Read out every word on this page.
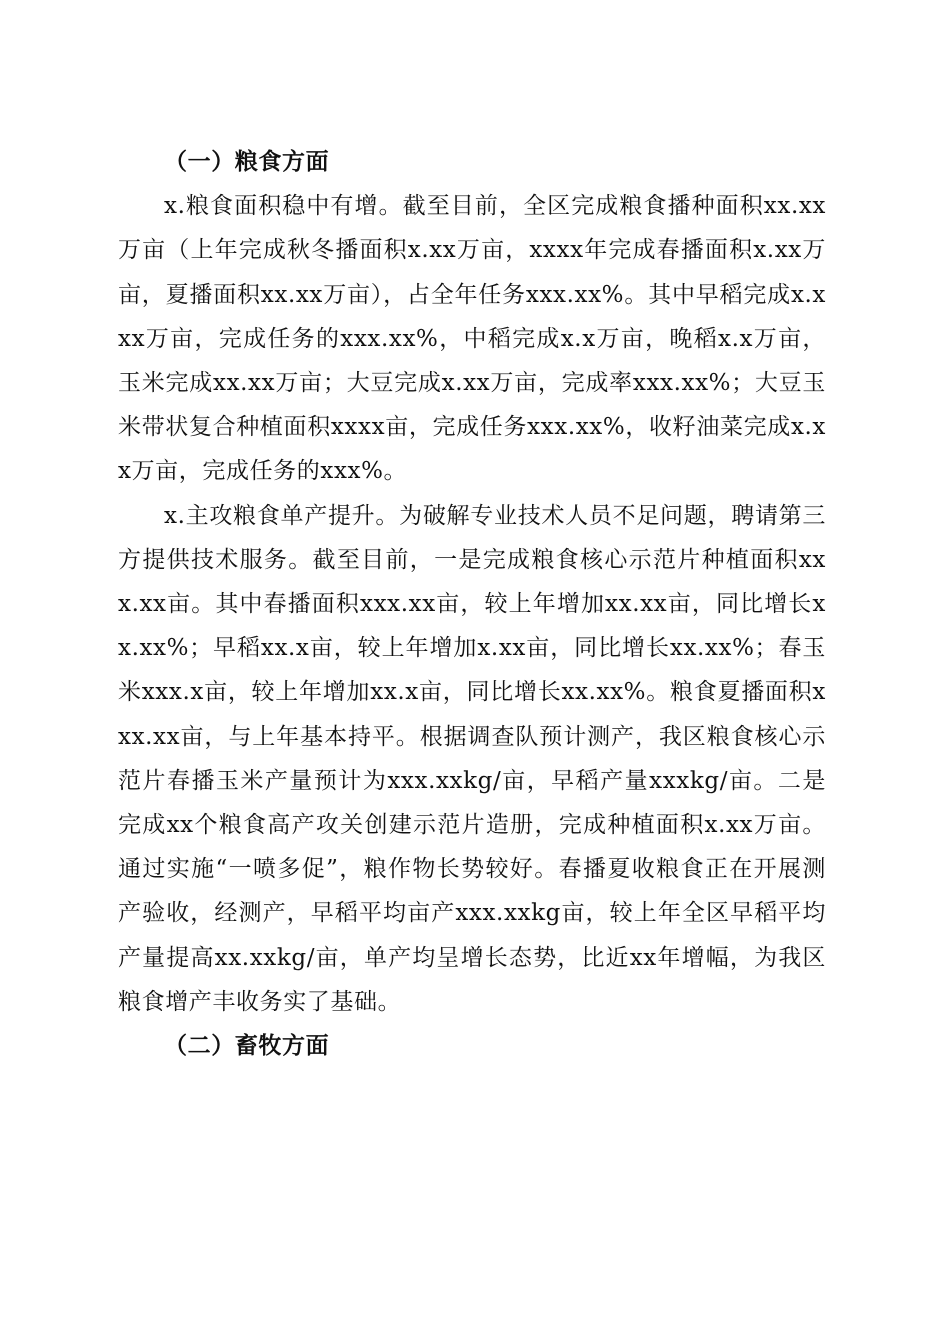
（一）粮食方面

x.粮食面积稳中有增。截至目前，全区完成粮食播种面积xx.xx万亩（上年完成秋冬播面积x.xx万亩，xxxx年完成春播面积x.xx万亩，夏播面积xx.xx万亩），占全年任务xxx.xx%。其中早稻完成x.xxx万亩，完成任务的xxx.xx%，中稻完成x.x万亩，晚稻x.x万亩，玉米完成xx.xx万亩；大豆完成x.xx万亩，完成率xxx.xx%；大豆玉米带状复合种植面积xxxx亩，完成任务xxx.xx%，收籽油菜完成x.xx万亩，完成任务的xxx%。

x.主攻粮食单产提升。为破解专业技术人员不足问题，聘请第三方提供技术服务。截至目前，一是完成粮食核心示范片种植面积xxx.xx亩。其中春播面积xxx.xx亩，较上年增加xx.xx亩，同比增长xx.xx%；早稻xx.x亩，较上年增加x.xx亩，同比增长xx.xx%；春玉米xxx.x亩，较上年增加xx.x亩，同比增长xx.xx%。粮食夏播面积xxx.xx亩，与上年基本持平。根据调查队预计测产，我区粮食核心示范片春播玉米产量预计为xxx.xxkg/亩，早稻产量xxxkg/亩。二是完成xx个粮食高产攻关创建示范片造册，完成种植面积x.xx万亩。通过实施“一喷多促”，粮作物长势较好。春播夏收粮食正在开展测产验收，经测产，早稻平均亩产xxx.xxkg亩，较上年全区早稻平均产量提高xx.xxkg/亩，单产均呈增长态势，比近xx年增幅，为我区粮食增产丰收务实了基础。

（二）畜牧方面
